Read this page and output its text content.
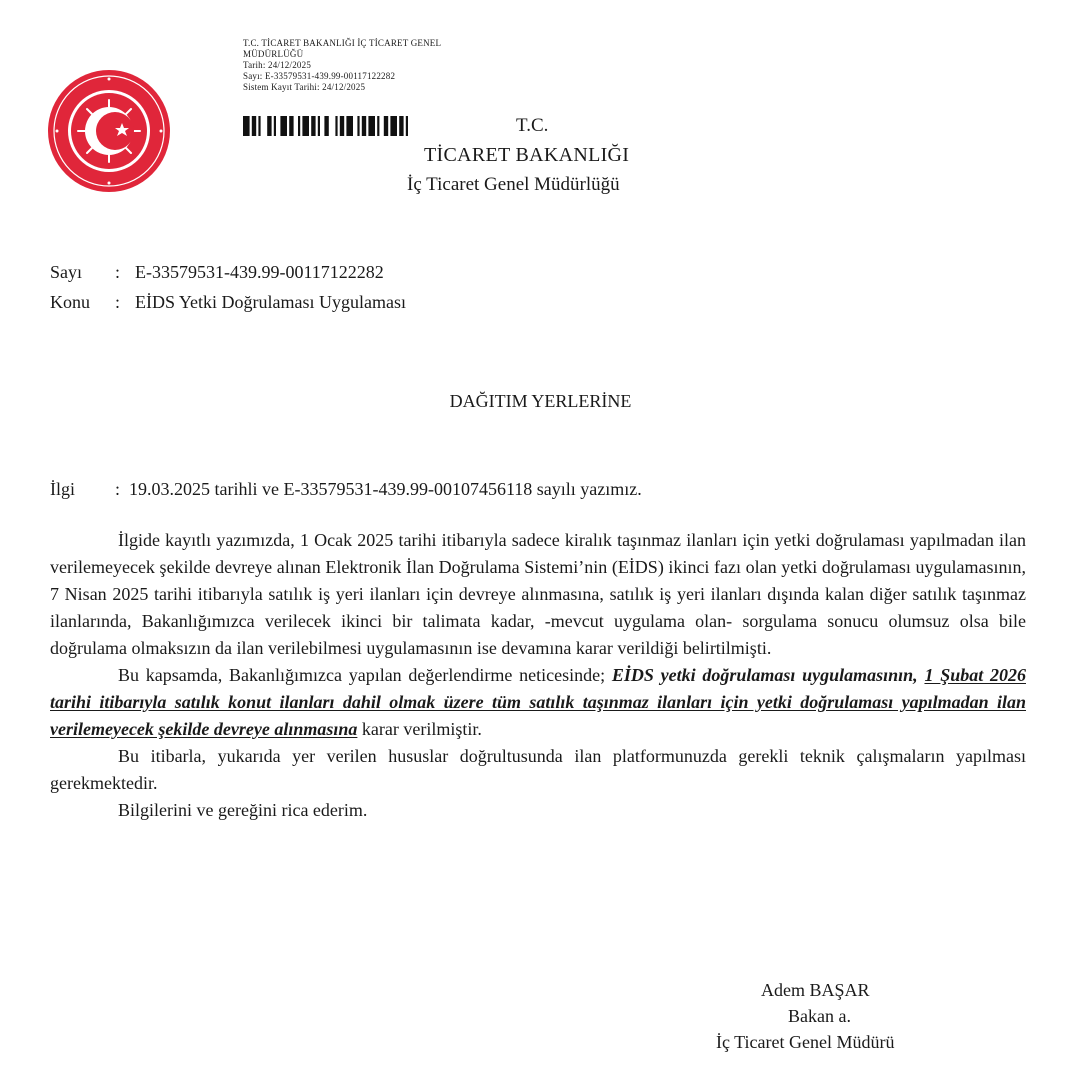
T.C. TİCARET BAKANLIĞI İÇ TİCARET GENEL
MÜDÜRLÜĞÜ
Tarih: 24/12/2025
Sayı: E-33579531-439.99-00117122282
Sistem Kayıt Tarihi: 24/12/2025
T.C.
TİCARET BAKANLIĞI
İç Ticaret Genel Müdürlüğü
Sayı : E-33579531-439.99-00117122282
Konu : EİDS Yetki Doğrulaması Uygulaması
DAĞITIM YERLERİNE
İlgi : 19.03.2025 tarihli ve E-33579531-439.99-00107456118 sayılı yazımız.

İlgide kayıtlı yazımızda, 1 Ocak 2025 tarihi itibarıyla sadece kiralık taşınmaz ilanları için yetki doğrulaması yapılmadan ilan verilemeyecek şekilde devreye alınan Elektronik İlan Doğrulama Sistemi’nin (EİDS) ikinci fazı olan yetki doğrulaması uygulamasının, 7 Nisan 2025 tarihi itibarıyla satılık iş yeri ilanları için devreye alınmasına, satılık iş yeri ilanları dışında kalan diğer satılık taşınmaz ilanlarında, Bakanlığımızca verilecek ikinci bir talimata kadar, -mevcut uygulama olan- sorgulama sonucu olumsuz olsa bile doğrulama olmaksızın da ilan verilebilmesi uygulamasının ise devamına karar verildiği belirtilmişti.

Bu kapsamda, Bakanlığımızca yapılan değerlendirme neticesinde; EİDS yetki doğrulaması uygulamasının, 1 Şubat 2026 tarihi itibarıyla satılık konut ilanları dahil olmak üzere tüm satılık taşınmaz ilanları için yetki doğrulaması yapılmadan ilan verilemeyecek şekilde devreye alınmasına karar verilmiştir.

Bu itibarla, yukarıda yer verilen hususlar doğrultusunda ilan platformunuzda gerekli teknik çalışmaların yapılması gerekmektedir.

Bilgilerini ve gereğini rica ederim.

Adem BAŞAR
Bakan a.
İç Ticaret Genel Müdürü
